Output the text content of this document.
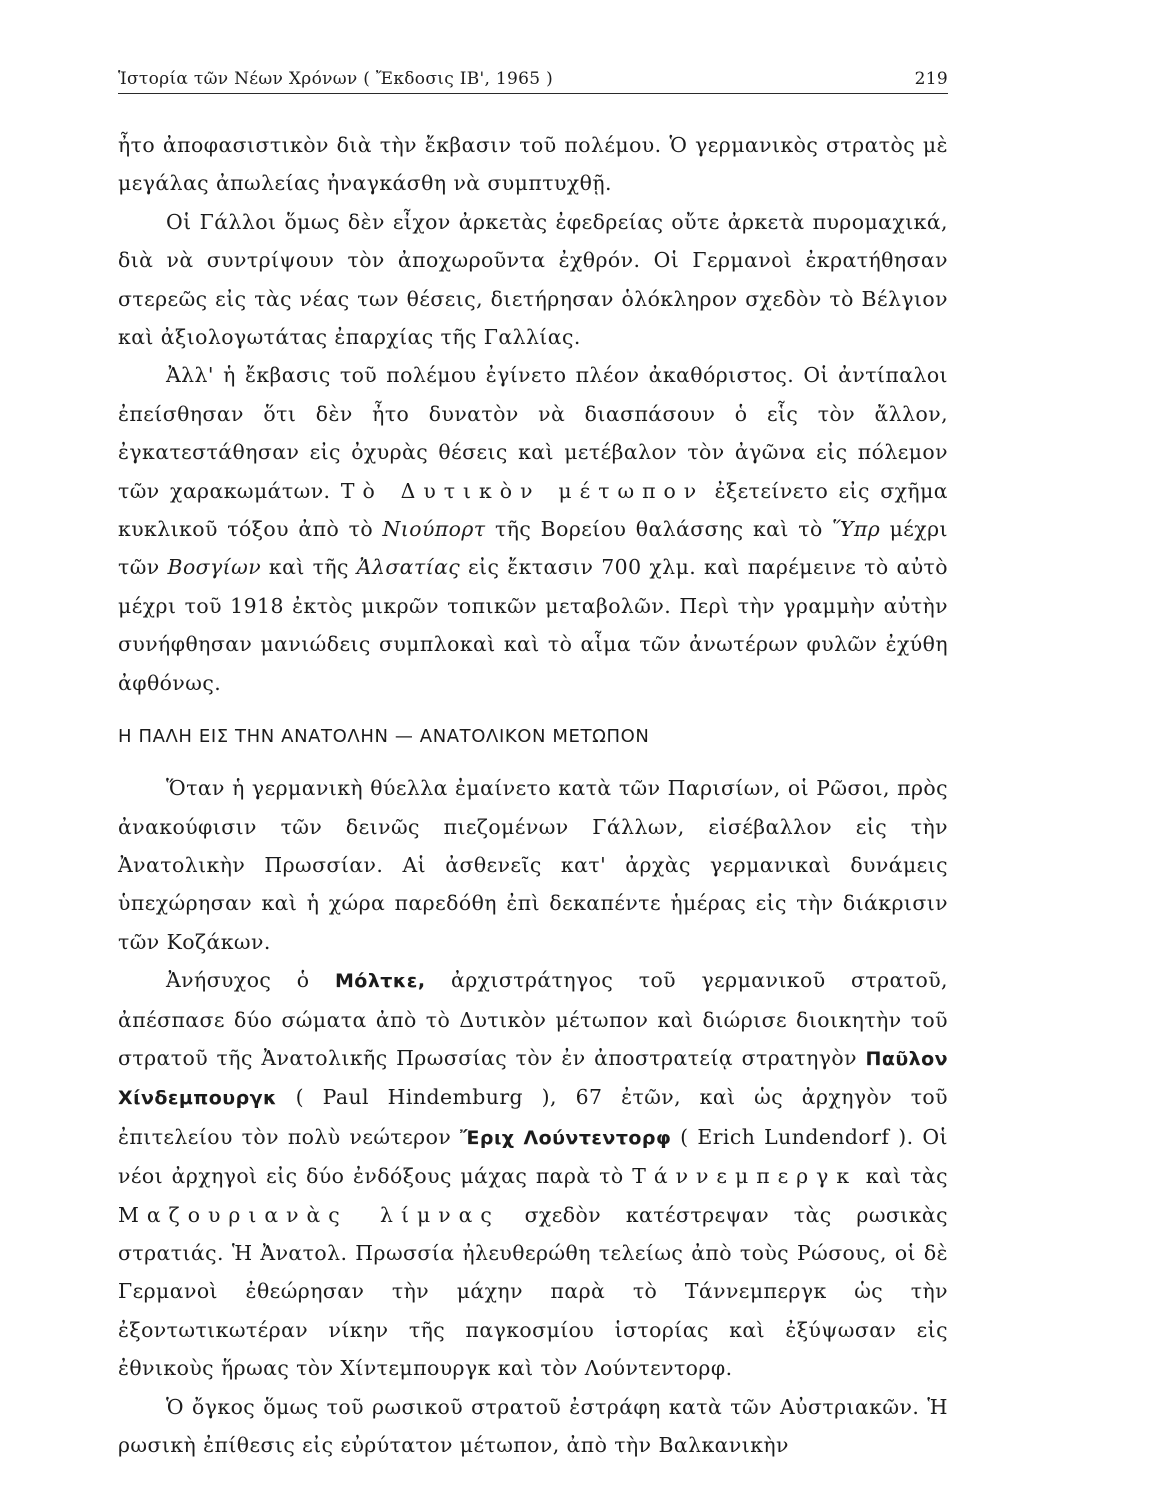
Ἱστορία τῶν Νέων Χρόνων ( Ἔκδοσις ΙΒ', 1965 )	219

ἦτο ἀποφασιστικὸν διὰ τὴν ἔκβασιν τοῦ πολέμου. Ὁ γερμανικὸς στρατὸς μὲ μεγάλας ἀπωλείας ἠναγκάσθη νὰ συμπτυχθῇ.

Οἱ Γάλλοι ὅμως δὲν εἶχον ἀρκετὰς ἐφεδρείας οὔτε ἀρκετὰ πυρομαχικά, διὰ νὰ συντρίψουν τὸν ἀποχωροῦντα ἐχθρόν. Οἱ Γερμανοὶ ἐκρατήθησαν στερεῶς εἰς τὰς νέας των θέσεις, διετήρησαν ὁλόκληρον σχεδὸν τὸ Βέλγιον καὶ ἀξιολογωτάτας ἐπαρχίας τῆς Γαλλίας.

Ἀλλ' ἡ ἔκβασις τοῦ πολέμου ἐγίνετο πλέον ἀκαθόριστος. Οἱ ἀντίπαλοι ἐπείσθησαν ὅτι δὲν ἦτο δυνατὸν νὰ διασπάσουν ὁ εἷς τὸν ἄλλον, ἐγκατεστάθησαν εἰς ὀχυρὰς θέσεις καὶ μετέβαλον τὸν ἀγῶνα εἰς πόλεμον τῶν χαρακωμάτων. Τὸ Δυτικὸν μέτωπον ἐξετείνετο εἰς σχῆμα κυκλικοῦ τόξου ἀπὸ τὸ Νιούπορτ τῆς Βορείου θαλάσσης καὶ τὸ Ὕπρ μέχρι τῶν Βοσγίων καὶ τῆς Ἀλσατίας εἰς ἔκτασιν 700 χλμ. καὶ παρέμεινε τὸ αὐτὸ μέχρι τοῦ 1918 ἐκτὸς μικρῶν τοπικῶν μεταβολῶν. Περὶ τὴν γραμμὴν αὐτὴν συνήφθησαν μανιώδεις συμπλοκαὶ καὶ τὸ αἷμα τῶν ἀνωτέρων φυλῶν ἐχύθη ἀφθόνως.

Η ΠΑΛΗ ΕΙΣ ΤΗΝ ΑΝΑΤΟΛΗΝ — ΑΝΑΤΟΛΙΚΟΝ ΜΕΤΩΠΟΝ

Ὅταν ἡ γερμανικὴ θύελλα ἐμαίνετο κατὰ τῶν Παρισίων, οἱ Ρῶσοι, πρὸς ἀνακούφισιν τῶν δεινῶς πιεζομένων Γάλλων, εἰσέβαλλον εἰς τὴν Ἀνατολικὴν Πρωσσίαν. Αἱ ἀσθενεῖς κατ' ἀρχὰς γερμανικαὶ δυνάμεις ὑπεχώρησαν καὶ ἡ χώρα παρεδόθη ἐπὶ δεκαπέντε ἡμέρας εἰς τὴν διάκρισιν τῶν Κοζάκων.

Ἀνήσυχος ὁ Μόλτκε, ἀρχιστράτηγος τοῦ γερμανικοῦ στρατοῦ, ἀπέσπασε δύο σώματα ἀπὸ τὸ Δυτικὸν μέτωπον καὶ διώρισε διοικητὴν τοῦ στρατοῦ τῆς Ἀνατολικῆς Πρωσσίας τὸν ἐν ἀποστρατείᾳ στρατηγὸν Παῦλον Χίνδεμπουργκ ( Paul Hindemburg ), 67 ἐτῶν, καὶ ὡς ἀρχηγὸν τοῦ ἐπιτελείου τὸν πολὺ νεώτερον Ἔριχ Λούντεντορφ ( Erich Lundendorf ). Οἱ νέοι ἀρχηγοὶ εἰς δύο ἐνδόξους μάχας παρὰ τὸ Τάννεμπεργκ καὶ τὰς Μαζουριανὰς λίμνας σχεδὸν κατέστρεψαν τὰς ρωσικὰς στρατιάς. Ἡ Ἀνατολ. Πρωσσία ἠλευθερώθη τελείως ἀπὸ τοὺς Ρώσους, οἱ δὲ Γερμανοὶ ἐθεώρησαν τὴν μάχην παρὰ τὸ Τάννεμπεργκ ὡς τὴν ἐξοντωτικωτέραν νίκην τῆς παγκοσμίου ἱστορίας καὶ ἐξύψωσαν εἰς ἐθνικοὺς ἥρωας τὸν Χίντεμπουργκ καὶ τὸν Λούντεντορφ.

Ὁ ὄγκος ὅμως τοῦ ρωσικοῦ στρατοῦ ἐστράφη κατὰ τῶν Αὐστριακῶν. Ἡ ρωσικὴ ἐπίθεσις εἰς εὐρύτατον μέτωπον, ἀπὸ τὴν Βαλκανικὴν
